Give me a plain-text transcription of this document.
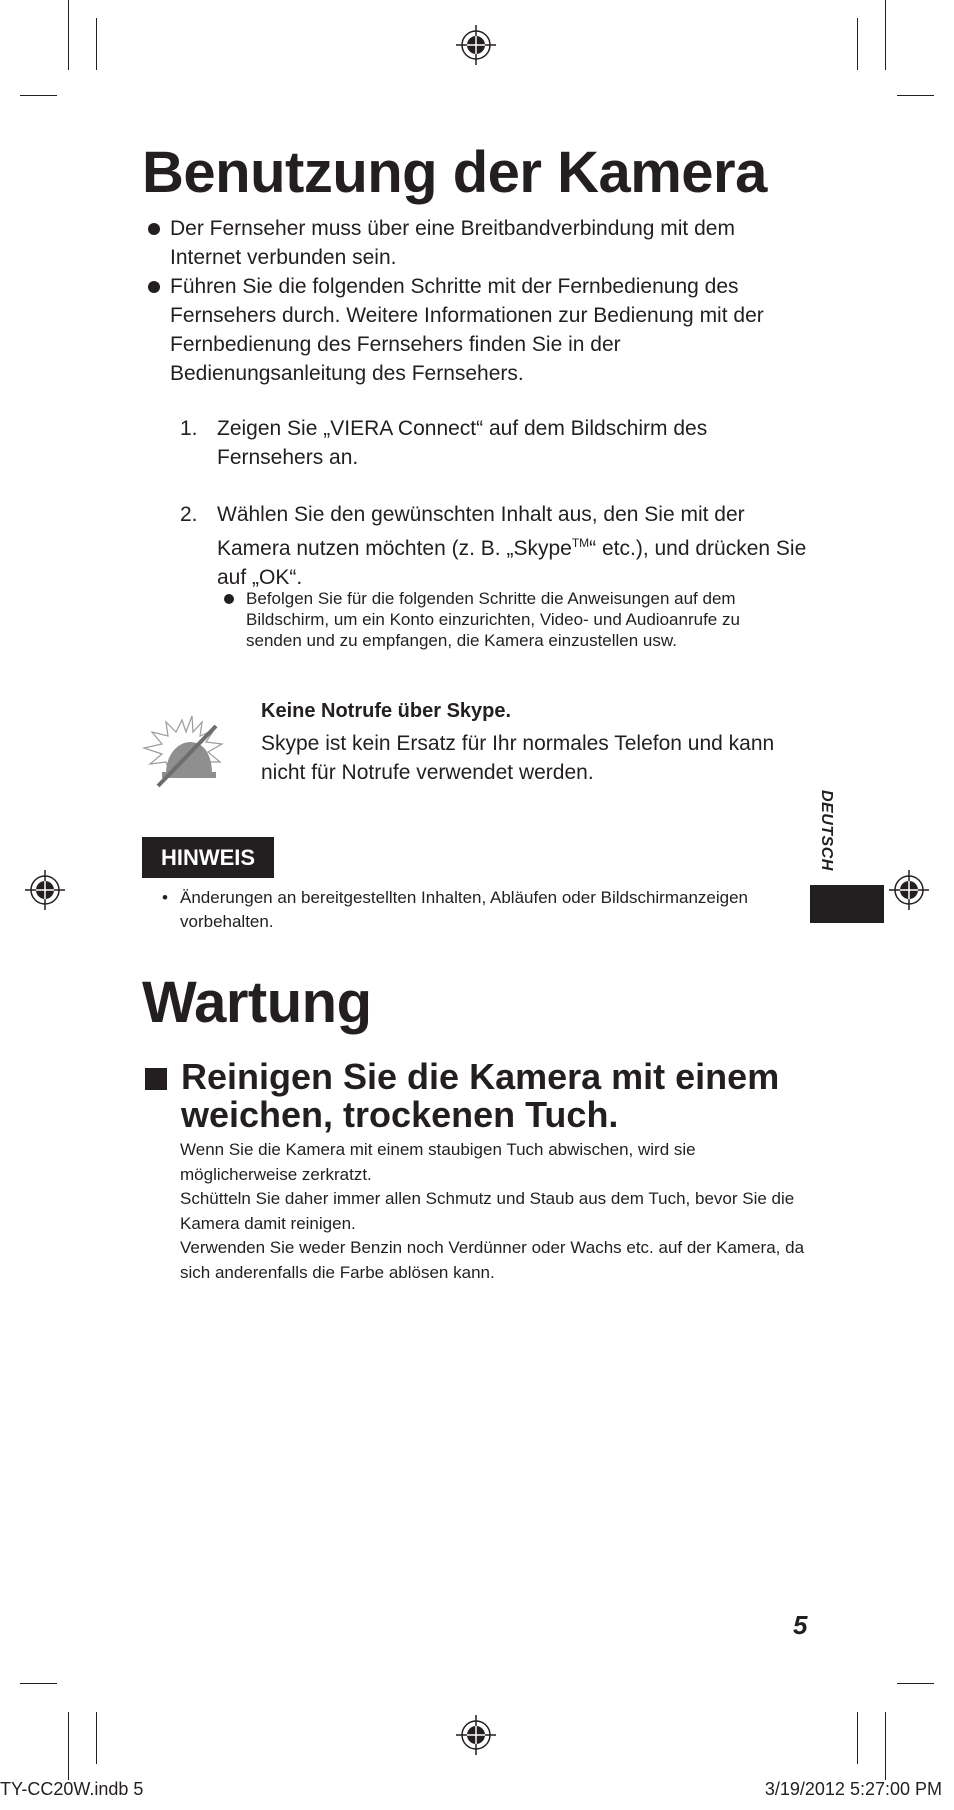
Benutzung der Kamera
Der Fernseher muss über eine Breitbandverbindung mit dem Internet verbunden sein.
Führen Sie die folgenden Schritte mit der Fernbedienung des Fernsehers durch. Weitere Informationen zur Bedienung mit der Fernbedienung des Fernsehers finden Sie in der Bedienungsanleitung des Fernsehers.
1. Zeigen Sie „VIERA Connect“ auf dem Bildschirm des Fernsehers an.
2. Wählen Sie den gewünschten Inhalt aus, den Sie mit der Kamera nutzen möchten (z. B. „Skype™“ etc.), und drücken Sie auf „OK“.
Befolgen Sie für die folgenden Schritte die Anweisungen auf dem Bildschirm, um ein Konto einzurichten, Video- und Audioanrufe zu senden und zu empfangen, die Kamera einzustellen usw.
Keine Notrufe über Skype.
Skype ist kein Ersatz für Ihr normales Telefon und kann nicht für Notrufe verwendet werden.
HINWEIS
• Änderungen an bereitgestellten Inhalten, Abläufen oder Bildschirmanzeigen vorbehalten.
Wartung
Reinigen Sie die Kamera mit einem weichen, trockenen Tuch.

Wenn Sie die Kamera mit einem staubigen Tuch abwischen, wird sie möglicherweise zerkratzt.

Schütteln Sie daher immer allen Schmutz und Staub aus dem Tuch, bevor Sie die Kamera damit reinigen.

Verwenden Sie weder Benzin noch Verdünner oder Wachs etc. auf der Kamera, da sich anderenfalls die Farbe ablösen kann.

DEUTSCH
5
TY-CC20W.indb 5	3/19/2012 5:27:00 PM
